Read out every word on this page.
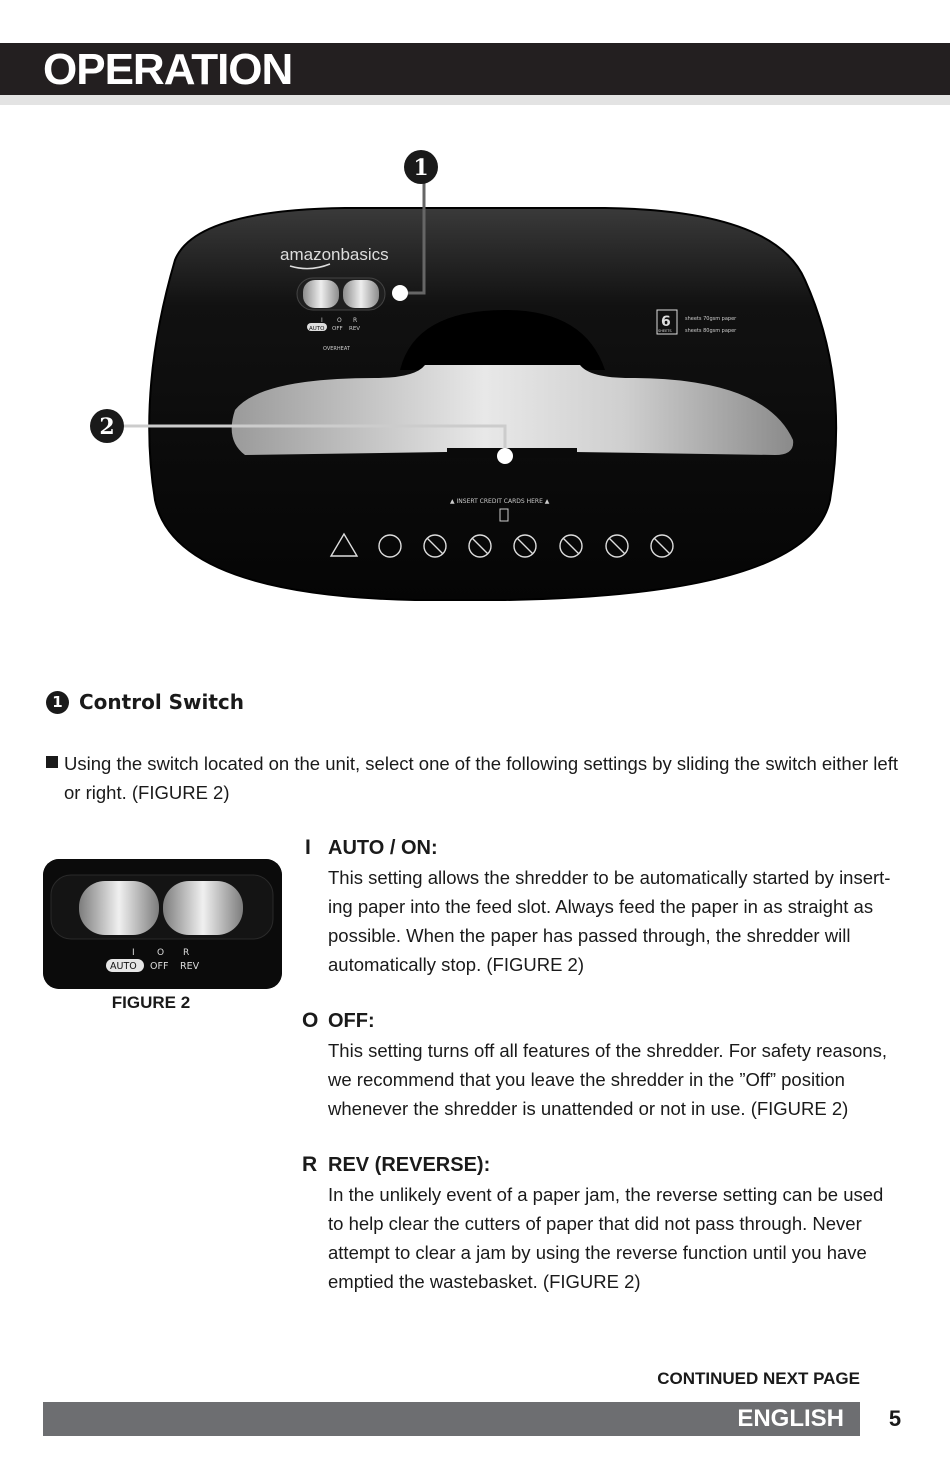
OPERATION
amazonbasics
I O R
AUTO OFF REV
OVERHEAT
6
SHEETS
sheets 70gsm paper
sheets 80gsm paper
▲ INSERT CREDIT CARDS HERE ▲
1
2
1 Control Switch
Using the switch located on the unit, select one of the following settings by sliding the switch either left or right. (FIGURE 2)
I O R
AUTO OFF REV
FIGURE 2
I AUTO / ON:
This setting allows the shredder to be automatically started by insert-ing paper into the feed slot. Always feed the paper in as straight as possible. When the paper has passed through, the shredder will automatically stop. (FIGURE 2)
O OFF:
This setting turns off all features of the shredder. For safety reasons, we recommend that you leave the shredder in the ”Off” position whenever the shredder is unattended or not in use. (FIGURE 2)
R REV (REVERSE):
In the unlikely event of a paper jam, the reverse setting can be used to help clear the cutters of paper that did not pass through. Never attempt to clear a jam by using the reverse function until you have emptied the wastebasket. (FIGURE 2)
CONTINUED NEXT PAGE
ENGLISH	5
